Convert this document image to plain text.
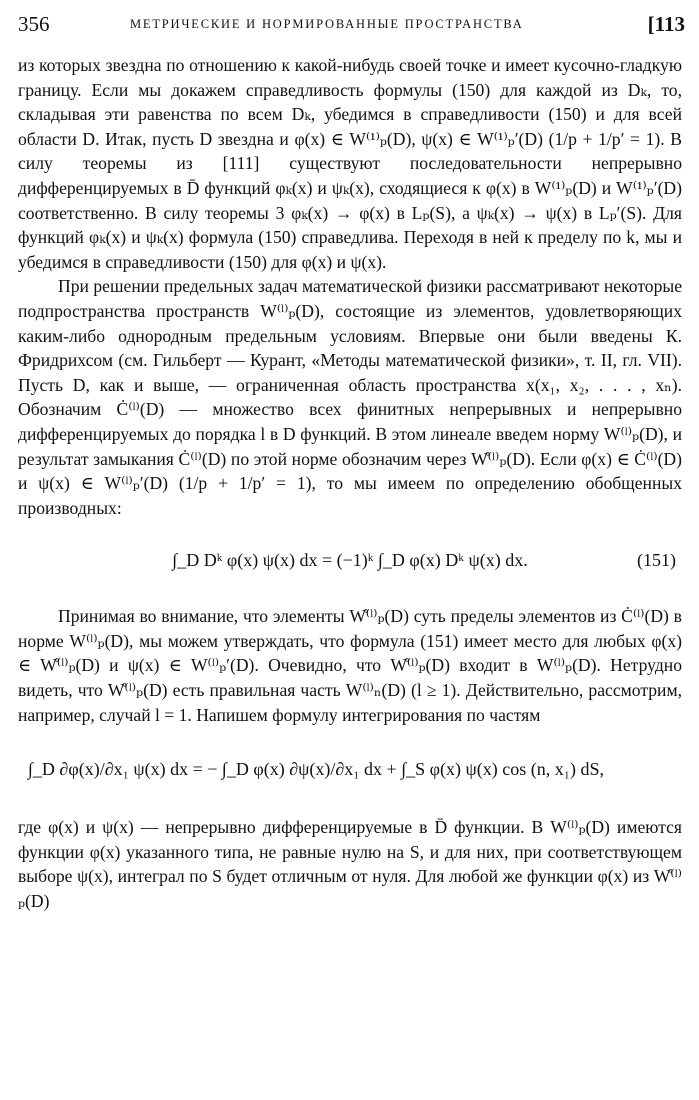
356	МЕТРИЧЕСКИЕ И НОРМИРОВАННЫЕ ПРОСТРАНСТВА	[113

из которых звездна по отношению к какой-нибудь своей точке и имеет кусочно-гладкую границу. Если мы докажем справедливость формулы (150) для каждой из Dₖ, то, складывая эти равенства по всем Dₖ, убедимся в справедливости (150) и для всей области D. Итак, пусть D звездна и φ(x) ∈ W⁽¹⁾ₚ(D), ψ(x) ∈ W⁽¹⁾ₚ′(D) (1/p + 1/p′ = 1). В силу теоремы из [111] существуют последовательности непрерывно дифференцируемых в D̄ функций φₖ(x) и ψₖ(x), сходящиеся к φ(x) в W⁽¹⁾ₚ(D) и W⁽¹⁾ₚ′(D) соответственно. В силу теоремы 3 φₖ(x) → φ(x) в Lₚ(S), а ψₖ(x) → ψ(x) в Lₚ′(S). Для функций φₖ(x) и ψₖ(x) формула (150) справедлива. Переходя в ней к пределу по k, мы и убедимся в справедливости (150) для φ(x) и ψ(x).

При решении предельных задач математической физики рассматривают некоторые подпространства пространств W⁽ˡ⁾ₚ(D), состоящие из элементов, удовлетворяющих каким-либо однородным предельным условиям. Впервые они были введены К. Фридрихсом (см. Гильберт — Курант, «Методы математической физики», т. II, гл. VII). Пусть D, как и выше, — ограниченная область пространства x(x₁, x₂, . . . , xₙ). Обозначим Ċ⁽ˡ⁾(D) — множество всех финитных непрерывных и непрерывно дифференцируемых до порядка l в D функций. В этом линеале введем норму W⁽ˡ⁾ₚ(D), и результат замыкания Ċ⁽ˡ⁾(D) по этой норме обозначим через W̊⁽ˡ⁾ₚ(D). Если φ(x) ∈ Ċ⁽ˡ⁾(D) и ψ(x) ∈ W⁽ˡ⁾ₚ′(D) (1/p + 1/p′ = 1), то мы имеем по определению обобщенных производных:

∫_D Dᵏ φ(x) ψ(x) dx = (−1)ᵏ ∫_D φ(x) Dᵏ ψ(x) dx.	(151)

Принимая во внимание, что элементы W̊⁽ˡ⁾ₚ(D) суть пределы элементов из Ċ⁽ˡ⁾(D) в норме W⁽ˡ⁾ₚ(D), мы можем утверждать, что формула (151) имеет место для любых φ(x) ∈ W̊⁽ˡ⁾ₚ(D) и ψ(x) ∈ W⁽ˡ⁾ₚ′(D). Очевидно, что W̊⁽ˡ⁾ₚ(D) входит в W⁽ˡ⁾ₚ(D). Нетрудно видеть, что W̊⁽ˡ⁾ₚ(D) есть правильная часть W⁽ˡ⁾ₙ(D) (l ≥ 1). Действительно, рассмотрим, например, случай l = 1. Напишем формулу интегрирования по частям

∫_D ∂φ(x)/∂x₁ ψ(x) dx = − ∫_D φ(x) ∂ψ(x)/∂x₁ dx + ∫_S φ(x) ψ(x) cos (n, x₁) dS,

где φ(x) и ψ(x) — непрерывно дифференцируемые в D̄ функции. В W⁽ˡ⁾ₚ(D) имеются функции φ(x) указанного типа, не равные нулю на S, и для них, при соответствующем выборе ψ(x), интеграл по S будет отличным от нуля. Для любой же функции φ(x) из W̊⁽ˡ⁾ₚ(D)
